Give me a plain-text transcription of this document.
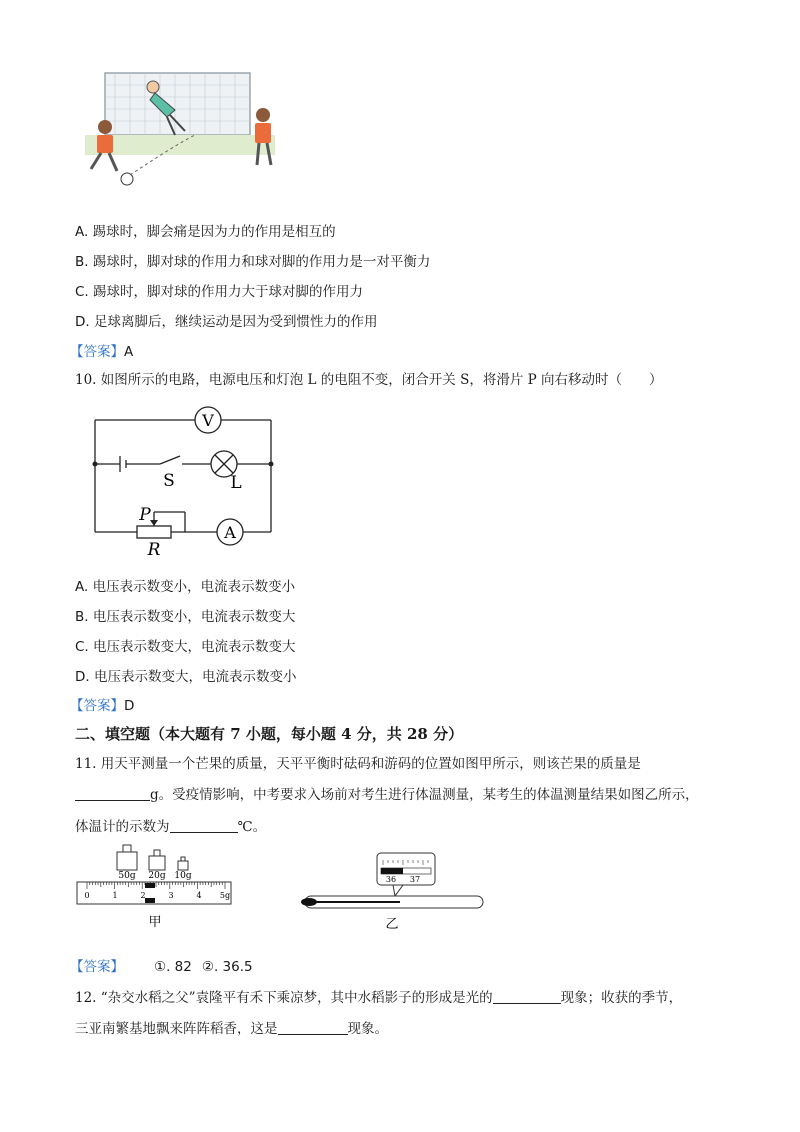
A. 踢球时，脚会痛是因为力的作用是相互的
B. 踢球时，脚对球的作用力和球对脚的作用力是一对平衡力
C. 踢球时，脚对球的作用力大于球对脚的作用力
D. 足球离脚后，继续运动是因为受到惯性力的作用
【答案】A
10. 如图所示的电路，电源电压和灯泡 L 的电阻不变，闭合开关 S，将滑片 P 向右移动时（　　）
V
A
S	L
P
R
A. 电压表示数变小，电流表示数变小
B. 电压表示数变小，电流表示数变大
C. 电压表示数变大，电流表示数变大
D. 电压表示数变大，电流表示数变小
【答案】D
二、填空题（本大题有 7 小题，每小题 4 分，共 28 分）
11. 用天平测量一个芒果的质量，天平平衡时砝码和游码的位置如图甲所示，则该芒果的质量是
g。受疫情影响，中考要求入场前对考生进行体温测量，某考生的体温测量结果如图乙所示，
体温计的示数为	℃。
50g 20g 10g
0	1	2	3	4 5g
甲
36 37
乙
【答案】 ①. 82 ②. 36.5
12. “杂交水稻之父”袁隆平有禾下乘凉梦，其中水稻影子的形成是光的	现象；收获的季节，
三亚南繁基地飘来阵阵稻香，这是	现象。
